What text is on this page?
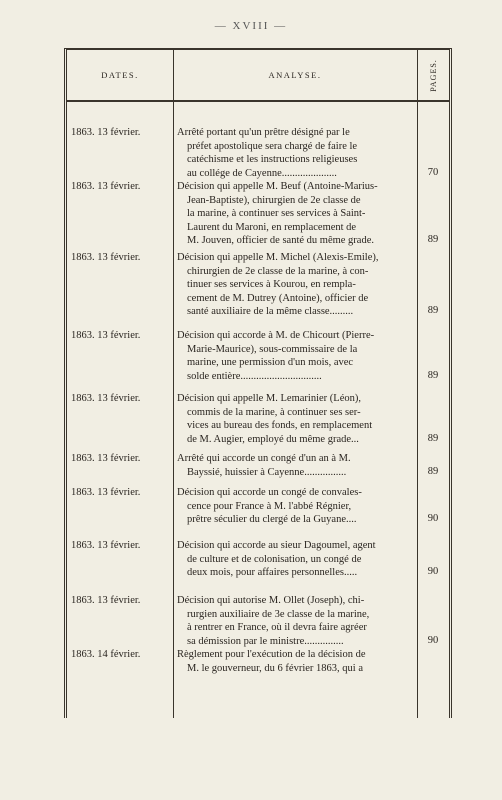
— XVIII —
DATES.	ANALYSE.	PAGES.
1863. 13 février.	Arrêté portant qu'un prêtre désigné par le
préfet apostolique sera chargé de faire le
catéchisme et les instructions religieuses
au collége de Cayenne.....................	70
1863. 13 février.	Décision qui appelle M. Beuf (Antoine-Marius-
Jean-Baptiste), chirurgien de 2e classe de
la marine, à continuer ses services à Saint-
Laurent du Maroni, en remplacement de
M. Jouven, officier de santé du même grade.	89
1863. 13 février.	Décision qui appelle M. Michel (Alexis-Emile),
chirurgien de 2e classe de la marine, à con-
tinuer ses services à Kourou, en rempla-
cement de M. Dutrey (Antoine), officier de
santé auxiliaire de la même classe.........	89
1863. 13 février.	Décision qui accorde à M. de Chicourt (Pierre-
Marie-Maurice), sous-commissaire de la
marine, une permission d'un mois, avec
solde entière...............................	89
1863. 13 février.	Décision qui appelle M. Lemarinier (Léon),
commis de la marine, à continuer ses ser-
vices au bureau des fonds, en remplacement
de M. Augier, employé du même grade...	89
1863. 13 février.	Arrêté qui accorde un congé d'un an à M.
Bayssié, huissier à Cayenne................	89
1863. 13 février.	Décision qui accorde un congé de convales-
cence pour France à M. l'abbé Régnier,
prêtre séculier du clergé de la Guyane....	90
1863. 13 février.	Décision qui accorde au sieur Dagoumel, agent
de culture et de colonisation, un congé de
deux mois, pour affaires personnelles.....	90
1863. 13 février.	Décision qui autorise M. Ollet (Joseph), chi-
rurgien auxiliaire de 3e classe de la marine,
à rentrer en France, où il devra faire agréer
sa démission par le ministre...............	90
1863. 14 février.	Règlement pour l'exécution de la décision de
M. le gouverneur, du 6 février 1863, qui a
